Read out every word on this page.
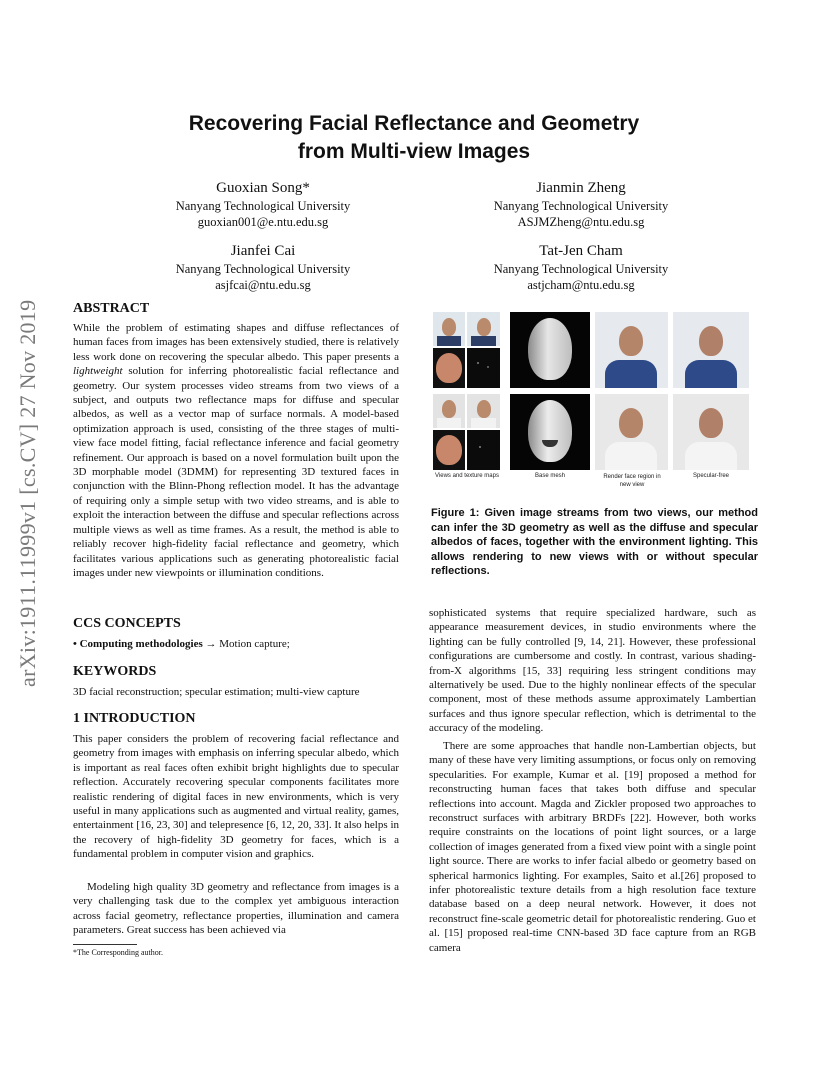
arXiv:1911.11999v1 [cs.CV] 27 Nov 2019
Recovering Facial Reflectance and Geometry
from Multi-view Images
Guoxian Song*
Nanyang Technological University
guoxian001@e.ntu.edu.sg
Jianmin Zheng
Nanyang Technological University
ASJMZheng@ntu.edu.sg
Jianfei Cai
Nanyang Technological University
asjfcai@ntu.edu.sg
Tat-Jen Cham
Nanyang Technological University
astjcham@ntu.edu.sg
ABSTRACT

While the problem of estimating shapes and diffuse reflectances of human faces from images has been extensively studied, there is relatively less work done on recovering the specular albedo. This paper presents a lightweight solution for inferring photorealistic facial reflectance and geometry. Our system processes video streams from two views of a subject, and outputs two reflectance maps for diffuse and specular albedos, as well as a vector map of surface normals. A model-based optimization approach is used, consisting of the three stages of multi-view face model fitting, facial reflectance inference and facial geometry refinement. Our approach is based on a novel formulation built upon the 3D morphable model (3DMM) for representing 3D textured faces in conjunction with the Blinn-Phong reflection model. It has the advantage of requiring only a simple setup with two video streams, and is able to exploit the interaction between the diffuse and specular reflections across multiple views as well as time frames. As a result, the method is able to reliably recover high-fidelity facial reflectance and geometry, which facilitates various applications such as generating photorealistic facial images under new viewpoints or illumination conditions.

CCS CONCEPTS

• Computing methodologies → Motion capture;

KEYWORDS

3D facial reconstruction; specular estimation; multi-view capture

1 INTRODUCTION

This paper considers the problem of recovering facial reflectance and geometry from images with emphasis on inferring specular albedo, which is important as real faces often exhibit bright highlights due to specular reflection. Accurately recovering specular components facilitates more realistic rendering of digital faces in new environments, which is very useful in many applications such as augmented and virtual reality, games, entertainment [16, 23, 30] and telepresence [6, 12, 20, 33]. It also helps in the recovery of high-fidelity 3D geometry for faces, which is a fundamental problem in computer vision and graphics.

Modeling high quality 3D geometry and reflectance from images is a very challenging task due to the complex yet ambiguous interaction across facial geometry, reflectance properties, illumination and camera parameters. Great success has been achieved via

*The Corresponding author.
Views and texture maps	Base mesh	Render face region in new view
Specular-free

Figure 1: Given image streams from two views, our method can infer the 3D geometry as well as the diffuse and specular albedos of faces, together with the environment lighting. This allows rendering to new views with or without specular reflections.

sophisticated systems that require specialized hardware, such as appearance measurement devices, in studio environments where the lighting can be fully controlled [9, 14, 21]. However, these professional configurations are cumbersome and costly. In contrast, various shading-from-X algorithms [15, 33] requiring less stringent conditions may alternatively be used. Due to the highly nonlinear effects of the specular component, most of these methods assume approximately Lambertian surfaces and thus ignore specular reflection, which is detrimental to the accuracy of the modeling.

There are some approaches that handle non-Lambertian objects, but many of these have very limiting assumptions, or focus only on removing specularities. For example, Kumar et al. [19] proposed a method for reconstructing human faces that takes both diffuse and specular reflections into account. Magda and Zickler proposed two approaches to reconstruct surfaces with arbitrary BRDFs [22]. However, both works require constraints on the locations of point light sources, or a large collection of images generated from a fixed view point with a single point light source. There are works to infer facial albedo or geometry based on spherical harmonics lighting. For examples, Saito et al.[26] proposed to infer photorealistic texture details from a high resolution face texture database based on a deep neural network. However, it does not reconstruct fine-scale geometric detail for photorealistic rendering. Guo et al. [15] proposed real-time CNN-based 3D face capture from an RGB camera
